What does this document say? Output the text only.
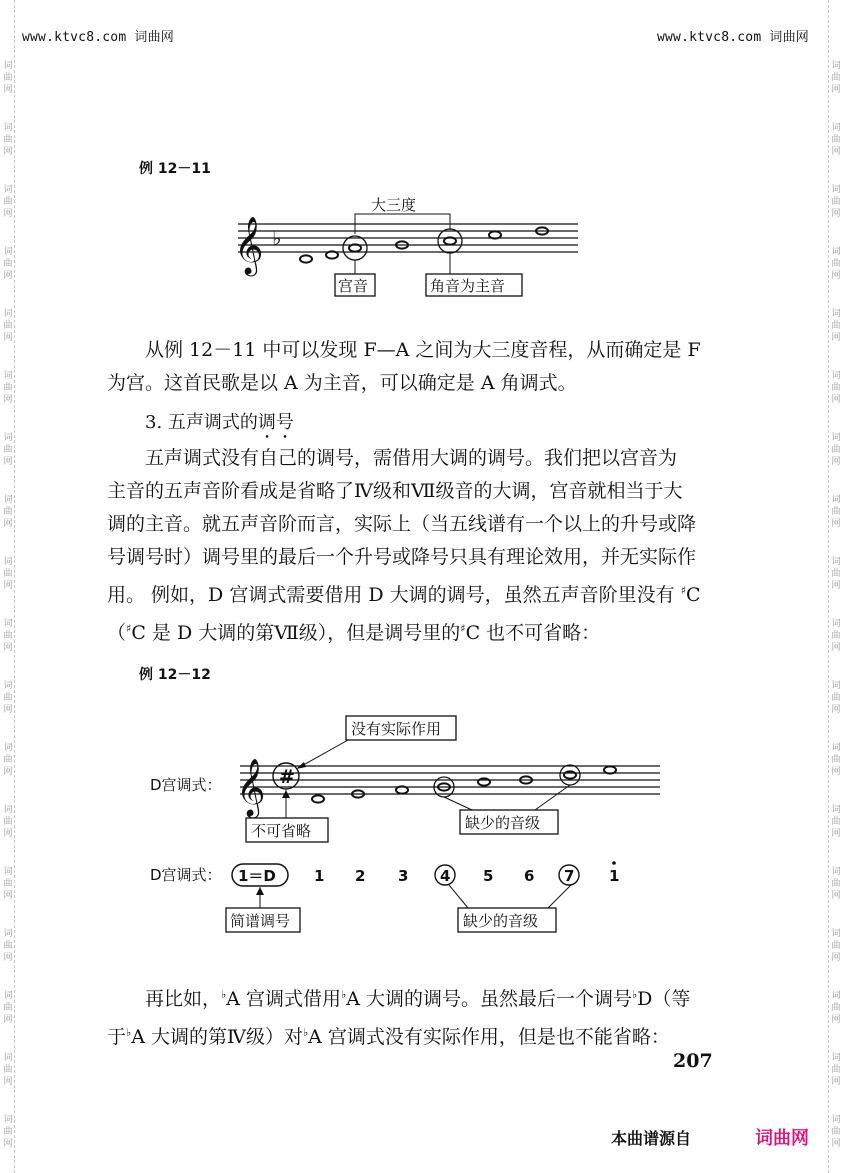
词
曲
网
词
曲
网
词
曲
网
词
曲
网
词
曲
网
词
曲
网
词
曲
网
词
曲
网
词
曲
网
词
曲
网
词
曲
网
词
曲
网
词
曲
网
词
曲
网
词
曲
网
词
曲
网
词
曲
网
词
曲
网
词
曲
网
词
曲
网
词
曲
网
词
曲
网
词
曲
网
词
曲
网
词
曲
网
词
曲
网
词
曲
网
词
曲
网
词
曲
网
词
曲
网
词
曲
网
词
曲
网
词
曲
网
词
曲
网
词
曲
网
词
曲
网
www.ktvc8.com 词曲网	www.ktvc8.com 词曲网
例 12－11
𝄞 ♭
大三度
宫音	角音为主音
从例 12－11 中可以发现 F—A 之间为大三度音程，从而确定是 F
为宫。这首民歌是以 A 为主音，可以确定是 A 角调式。
3. 五声调式的调号
五声调式没有自己的调号，需借用大调的调号。我们把以宫音为
主音的五声音阶看成是省略了Ⅳ级和Ⅶ级音的大调，宫音就相当于大
调的主音。就五声音阶而言，实际上（当五线谱有一个以上的升号或降
号调号时）调号里的最后一个升号或降号只具有理论效用，并无实际作
用。 例如，D 宫调式需要借用 D 大调的调号，虽然五声音阶里没有 ♯C
（♯C 是 D 大调的第Ⅶ级），但是调号里的♯C 也不可省略：
例 12－12
D宫调式： 𝄞 #
没有实际作用
不可省略	缺少的音级
D宫调式： 1＝D	1 2 3 4 5 6 7 1
简谱调号	缺少的音级
再比如，♭A 宫调式借用♭A 大调的调号。虽然最后一个调号♭D（等
于♭A 大调的第Ⅳ级）对♭A 宫调式没有实际作用，但是也不能省略：
207
本曲谱源自	词曲网
